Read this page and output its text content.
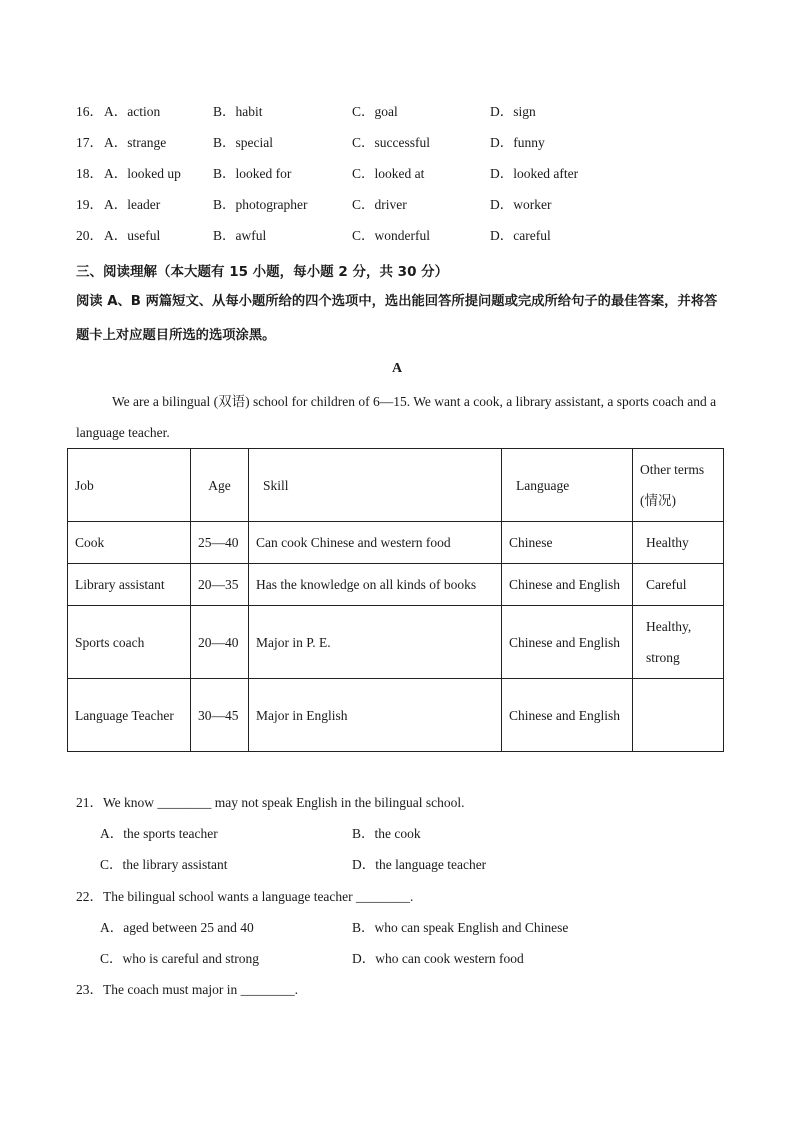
16． A．action	B．habit	C．goal	D．sign
17． A．strange	B．special	C．successful	D．funny
18． A．looked up B．looked for	C．looked at	D．looked after
19． A．leader	B．photographer	C．driver	D．worker
20． A．useful	B．awful	C．wonderful	D．careful
三、阅读理解（本大题有 15 小题，每小题 2 分，共 30 分）
阅读 A、B 两篇短文、从每小题所给的四个选项中，选出能回答所提问题或完成所给句子的最佳答案，并将答题卡上对应题目所选的选项涂黑。
A
We are a bilingual (双语) school for children of 6—15. We want a cook, a library assistant, a sports coach and a language teacher.
Job	Age	Skill	Language	Other terms (情况)
Cook	25—40	Can cook Chinese and western food	Chinese	Healthy
Library assistant	20—35	Has the knowledge on all kinds of books	Chinese and English	Careful
Sports coach	20—40	Major in P. E.	Chinese and English	Healthy, strong
Language Teacher	30—45	Major in English	Chinese and English	
21．We know ________ may not speak English in the bilingual school.
A．the sports teacher	B．the cook
C．the library assistant	D．the language teacher
22．The bilingual school wants a language teacher ________.
A．aged between 25 and 40	B．who can speak English and Chinese
C．who is careful and strong	D．who can cook western food
23．The coach must major in ________.
